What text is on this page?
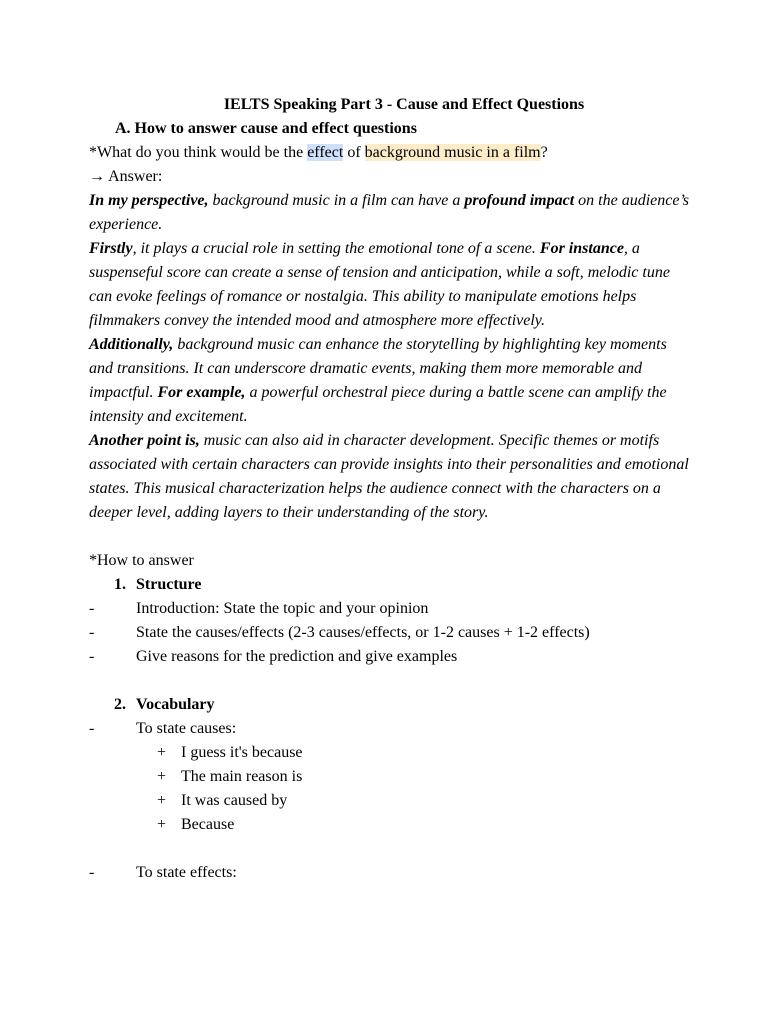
IELTS Speaking Part 3 - Cause and Effect Questions
A. How to answer cause and effect questions
*What do you think would be the effect of background music in a film?
→ Answer:
In my perspective, background music in a film can have a profound impact on the audience’s experience.
Firstly, it plays a crucial role in setting the emotional tone of a scene. For instance, a suspenseful score can create a sense of tension and anticipation, while a soft, melodic tune can evoke feelings of romance or nostalgia. This ability to manipulate emotions helps filmmakers convey the intended mood and atmosphere more effectively.
Additionally, background music can enhance the storytelling by highlighting key moments and transitions. It can underscore dramatic events, making them more memorable and impactful. For example, a powerful orchestral piece during a battle scene can amplify the intensity and excitement.
Another point is, music can also aid in character development. Specific themes or motifs associated with certain characters can provide insights into their personalities and emotional states. This musical characterization helps the audience connect with the characters on a deeper level, adding layers to their understanding of the story.
*How to answer
1. Structure
-	Introduction: State the topic and your opinion
-	State the causes/effects (2-3 causes/effects, or 1-2 causes + 1-2 effects)
-	Give reasons for the prediction and give examples
2. Vocabulary
-	To state causes:
+ I guess it's because
+ The main reason is
+ It was caused by
+ Because
-	To state effects:
